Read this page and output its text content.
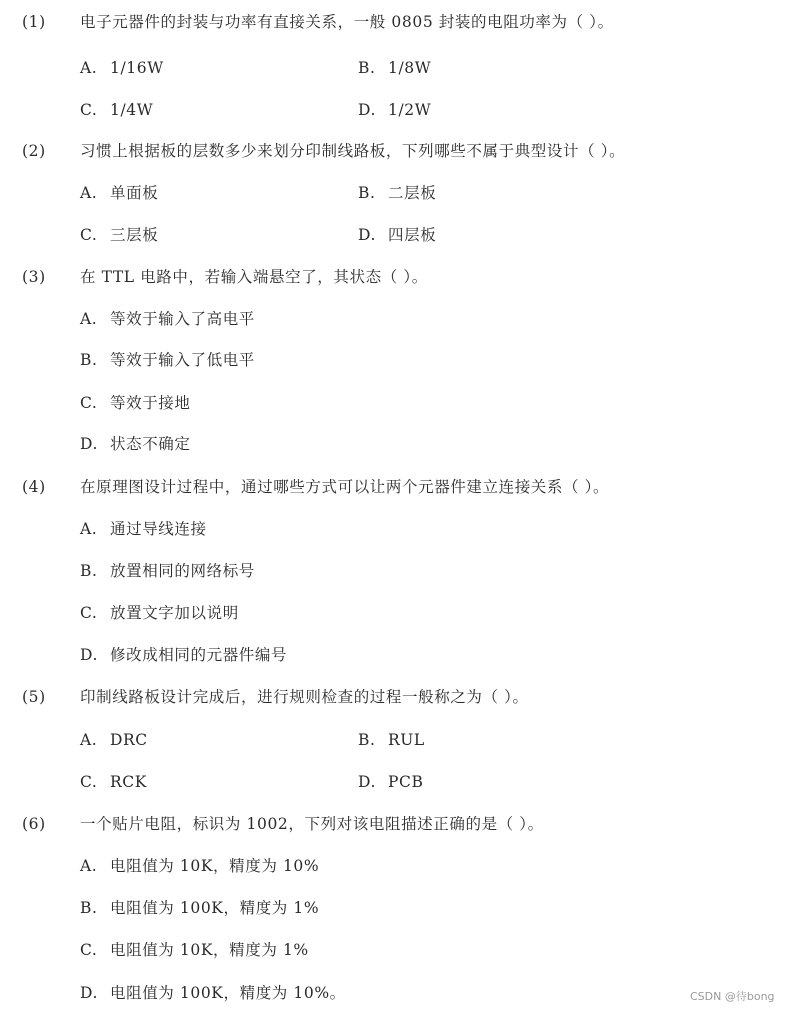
(1) 电子元器件的封装与功率有直接关系，一般 0805 封装的电阻功率为（ ）。
A. 1/16W	B. 1/8W
C. 1/4W	D. 1/2W
(2) 习惯上根据板的层数多少来划分印制线路板，下列哪些不属于典型设计（ ）。
A. 单面板	B. 二层板
C. 三层板	D. 四层板
(3) 在 TTL 电路中，若输入端悬空了，其状态（ ）。
A. 等效于输入了高电平
B. 等效于输入了低电平
C. 等效于接地
D. 状态不确定
(4) 在原理图设计过程中，通过哪些方式可以让两个元器件建立连接关系（ ）。
A. 通过导线连接
B. 放置相同的网络标号
C. 放置文字加以说明
D. 修改成相同的元器件编号
(5) 印制线路板设计完成后，进行规则检查的过程一般称之为（ ）。
A. DRC	B. RUL
C. RCK	D. PCB
(6) 一个贴片电阻，标识为 1002，下列对该电阻描述正确的是（ ）。
A. 电阻值为 10K，精度为 10%
B. 电阻值为 100K，精度为 1%
C. 电阻值为 10K，精度为 1%
D. 电阻值为 100K，精度为 10%。	CSDN @待bong
